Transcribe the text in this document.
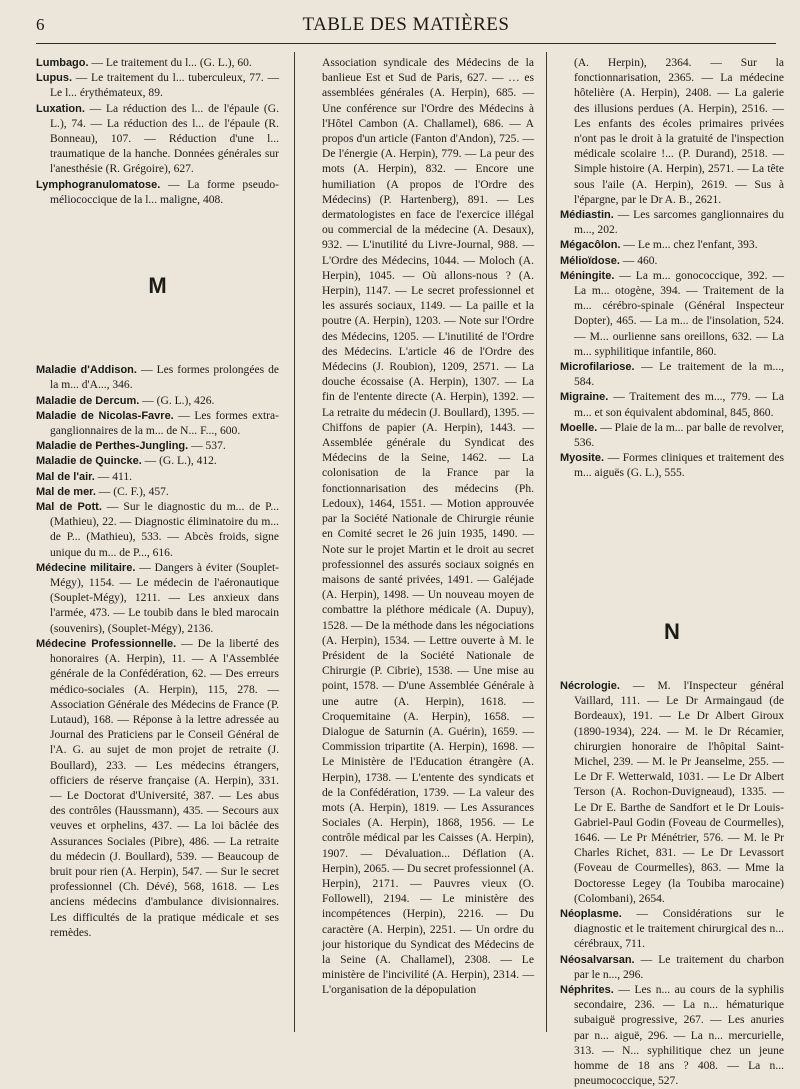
6	TABLE DES MATIÈRES

Lumbago. — Le traitement du l... (G. L.), 60.

Lupus. — Le traitement du l... tuberculeux, 77. — Le l... érythémateux, 89.

Luxation. — La réduction des l... de l'épaule (G. L.), 74. — La réduction des l... de l'épaule (R. Bonneau), 107. — Réduction d'une l... traumatique de la hanche. Données générales sur l'anesthésie (R. Grégoire), 627.

Lymphogranulomatose. — La forme pseudo-méliococcique de la l... maligne, 408.

M

Maladie d'Addison. — Les formes prolongées de la m... d'A..., 346.

Maladie de Dercum. — (G. L.), 426.

Maladie de Nicolas-Favre. — Les formes extra-ganglionnaires de la m... de N... F..., 600.

Maladie de Perthes-Jungling. — 537.

Maladie de Quincke. — (G. L.), 412.

Mal de l'air. — 411.

Mal de mer. — (C. F.), 457.

Mal de Pott. — Sur le diagnostic du m... de P... (Mathieu), 22. — Diagnostic éliminatoire du m... de P... (Mathieu), 533. — Abcès froids, signe unique du m... de P..., 616.

Médecine militaire. — Dangers à éviter (Souplet-Mégy), 1154. — Le médecin de l'aéronautique (Souplet-Mégy), 1211. — Les anxieux dans l'armée, 473. — Le toubib dans le bled marocain (souvenirs), (Souplet-Mégy), 2136.

Médecine Professionnelle. — De la liberté des honoraires (A. Herpin), 11. — A l'Assemblée générale de la Confédération, 62. — Des erreurs médico-sociales (A. Herpin), 115, 278. — Association Générale des Médecins de France (P. Lutaud), 168. — Réponse à la lettre adressée au Journal des Praticiens par le Conseil Général de l'A. G. au sujet de mon projet de retraite (J. Boullard), 233. — Les médecins étrangers, officiers de réserve française (A. Herpin), 331. — Le Doctorat d'Université, 387. — Les abus des contrôles (Haussmann), 435. — Secours aux veuves et orphelins, 437. — La loi bâclée des Assurances Sociales (Pibre), 486. — La retraite du médecin (J. Boullard), 539. — Beaucoup de bruit pour rien (A. Herpin), 547. — Sur le secret professionnel (Ch. Dévé), 568, 1618. — Les anciens médecins d'ambulance divisionnaires. Les difficultés de la pratique médicale et ses remèdes.

Association syndicale des Médecins de la banlieue Est et Sud de Paris, 627. — … es assemblées générales (A. Herpin), 685. — Une conférence sur l'Ordre des Médecins à l'Hôtel Cambon (A. Challamel), 686. — A propos d'un article (Fanton d'Andon), 725. — De l'énergie (A. Herpin), 779. — La peur des mots (A. Herpin), 832. — Encore une humiliation (A propos de l'Ordre des Médecins) (P. Hartenberg), 891. — Les dermatologistes en face de l'exercice illégal ou commercial de la médecine (A. Desaux), 932. — L'inutilité du Livre-Journal, 988. — L'Ordre des Médecins, 1044. — Moloch (A. Herpin), 1045. — Où allons-nous ? (A. Herpin), 1147. — Le secret professionnel et les assurés sociaux, 1149. — La paille et la poutre (A. Herpin), 1203. — Note sur l'Ordre des Médecins, 1205. — L'inutilité de l'Ordre des Médecins. L'article 46 de l'Ordre des Médecins (J. Roubion), 1209, 2571. — La douche écossaise (A. Herpin), 1307. — La fin de l'entente directe (A. Herpin), 1392. — La retraite du médecin (J. Boullard), 1395. — Chiffons de papier (A. Herpin), 1443. — Assemblée générale du Syndicat des Médecins de la Seine, 1462. — La colonisation de la France par la fonctionnarisation des médecins (Ph. Ledoux), 1464, 1551. — Motion approuvée par la Société Nationale de Chirurgie réunie en Comité secret le 26 juin 1935, 1490. — Note sur le projet Martin et le droit au secret professionnel des assurés sociaux soignés en maisons de santé privées, 1491. — Galéjade (A. Herpin), 1498. — Un nouveau moyen de combattre la pléthore médicale (A. Dupuy), 1528. — De la méthode dans les négociations (A. Herpin), 1534. — Lettre ouverte à M. le Président de la Société Nationale de Chirurgie (P. Cibrie), 1538. — Une mise au point, 1578. — D'une Assemblée Générale à une autre (A. Herpin), 1618. — Croquemitaine (A. Herpin), 1658. — Dialogue de Saturnin (A. Guérin), 1659. — Commission tripartite (A. Herpin), 1698. — Le Ministère de l'Education étrangère (A. Herpin), 1738. — L'entente des syndicats et de la Confédération, 1739. — La valeur des mots (A. Herpin), 1819. — Les Assurances Sociales (A. Herpin), 1868, 1956. — Le contrôle médical par les Caisses (A. Herpin), 1907. — Dévaluation... Déflation (A. Herpin), 2065. — Du secret professionnel (A. Herpin), 2171. — Pauvres vieux (O. Followell), 2194. — Le ministère des incompétences (Herpin), 2216. — Du caractère (A. Herpin), 2251. — Un ordre du jour historique du Syndicat des Médecins de la Seine (A. Challamel), 2308. — Le ministère de l'incivilité (A. Herpin), 2314. — L'organisation de la dépopulation

(A. Herpin), 2364. — Sur la fonctionnarisation, 2365. — La médecine hôtelière (A. Herpin), 2408. — La galerie des illusions perdues (A. Herpin), 2516. — Les enfants des écoles primaires privées n'ont pas le droit à la gratuité de l'inspection médicale scolaire !... (P. Durand), 2518. — Simple histoire (A. Herpin), 2571. — La tête sous l'aile (A. Herpin), 2619. — Sus à l'épargne, par le Dr A. B., 2621.

Médiastin. — Les sarcomes ganglionnaires du m..., 202.

Mégacôlon. — Le m... chez l'enfant, 393.

Mélioïdose. — 460.

Méningite. — La m... gonococcique, 392. — La m... otogène, 394. — Traitement de la m... cérébro-spinale (Général Inspecteur Dopter), 465. — La m... de l'insolation, 524. — M... ourlienne sans oreillons, 632. — La m... syphilitique infantile, 860.

Microfilariose. — Le traitement de la m..., 584.

Migraine. — Traitement des m..., 779. — La m... et son équivalent abdominal, 845, 860.

Moelle. — Plaie de la m... par balle de revolver, 536.

Myosite. — Formes cliniques et traitement des m... aiguës (G. L.), 555.

N

Nécrologie. — M. l'Inspecteur général Vaillard, 111. — Le Dr Armaingaud (de Bordeaux), 191. — Le Dr Albert Giroux (1890-1934), 224. — M. le Dr Récamier, chirurgien honoraire de l'hôpital Saint-Michel, 239. — M. le Pr Jeanselme, 255. — Le Dr F. Wetterwald, 1031. — Le Dr Albert Terson (A. Rochon-Duvigneaud), 1335. — Le Dr E. Barthe de Sandfort et le Dr Louis-Gabriel-Paul Godin (Foveau de Courmelles), 1646. — Le Pr Ménétrier, 576. — M. le Pr Charles Richet, 831. — Le Dr Levassort (Foveau de Courmelles), 863. — Mme la Doctoresse Legey (la Toubiba marocaine) (Colombani), 2654.

Néoplasme. — Considérations sur le diagnostic et le traitement chirurgical des n... cérébraux, 711.

Néosalvarsan. — Le traitement du charbon par le n..., 296.

Néphrites. — Les n... au cours de la syphilis secondaire, 236. — La n... hématurique subaiguë progressive, 267. — Les anuries par n... aiguë, 296. — La n... mercurielle, 313. — N... syphilitique chez un jeune homme de 18 ans ? 408. — La n... pneumococcique, 527.
